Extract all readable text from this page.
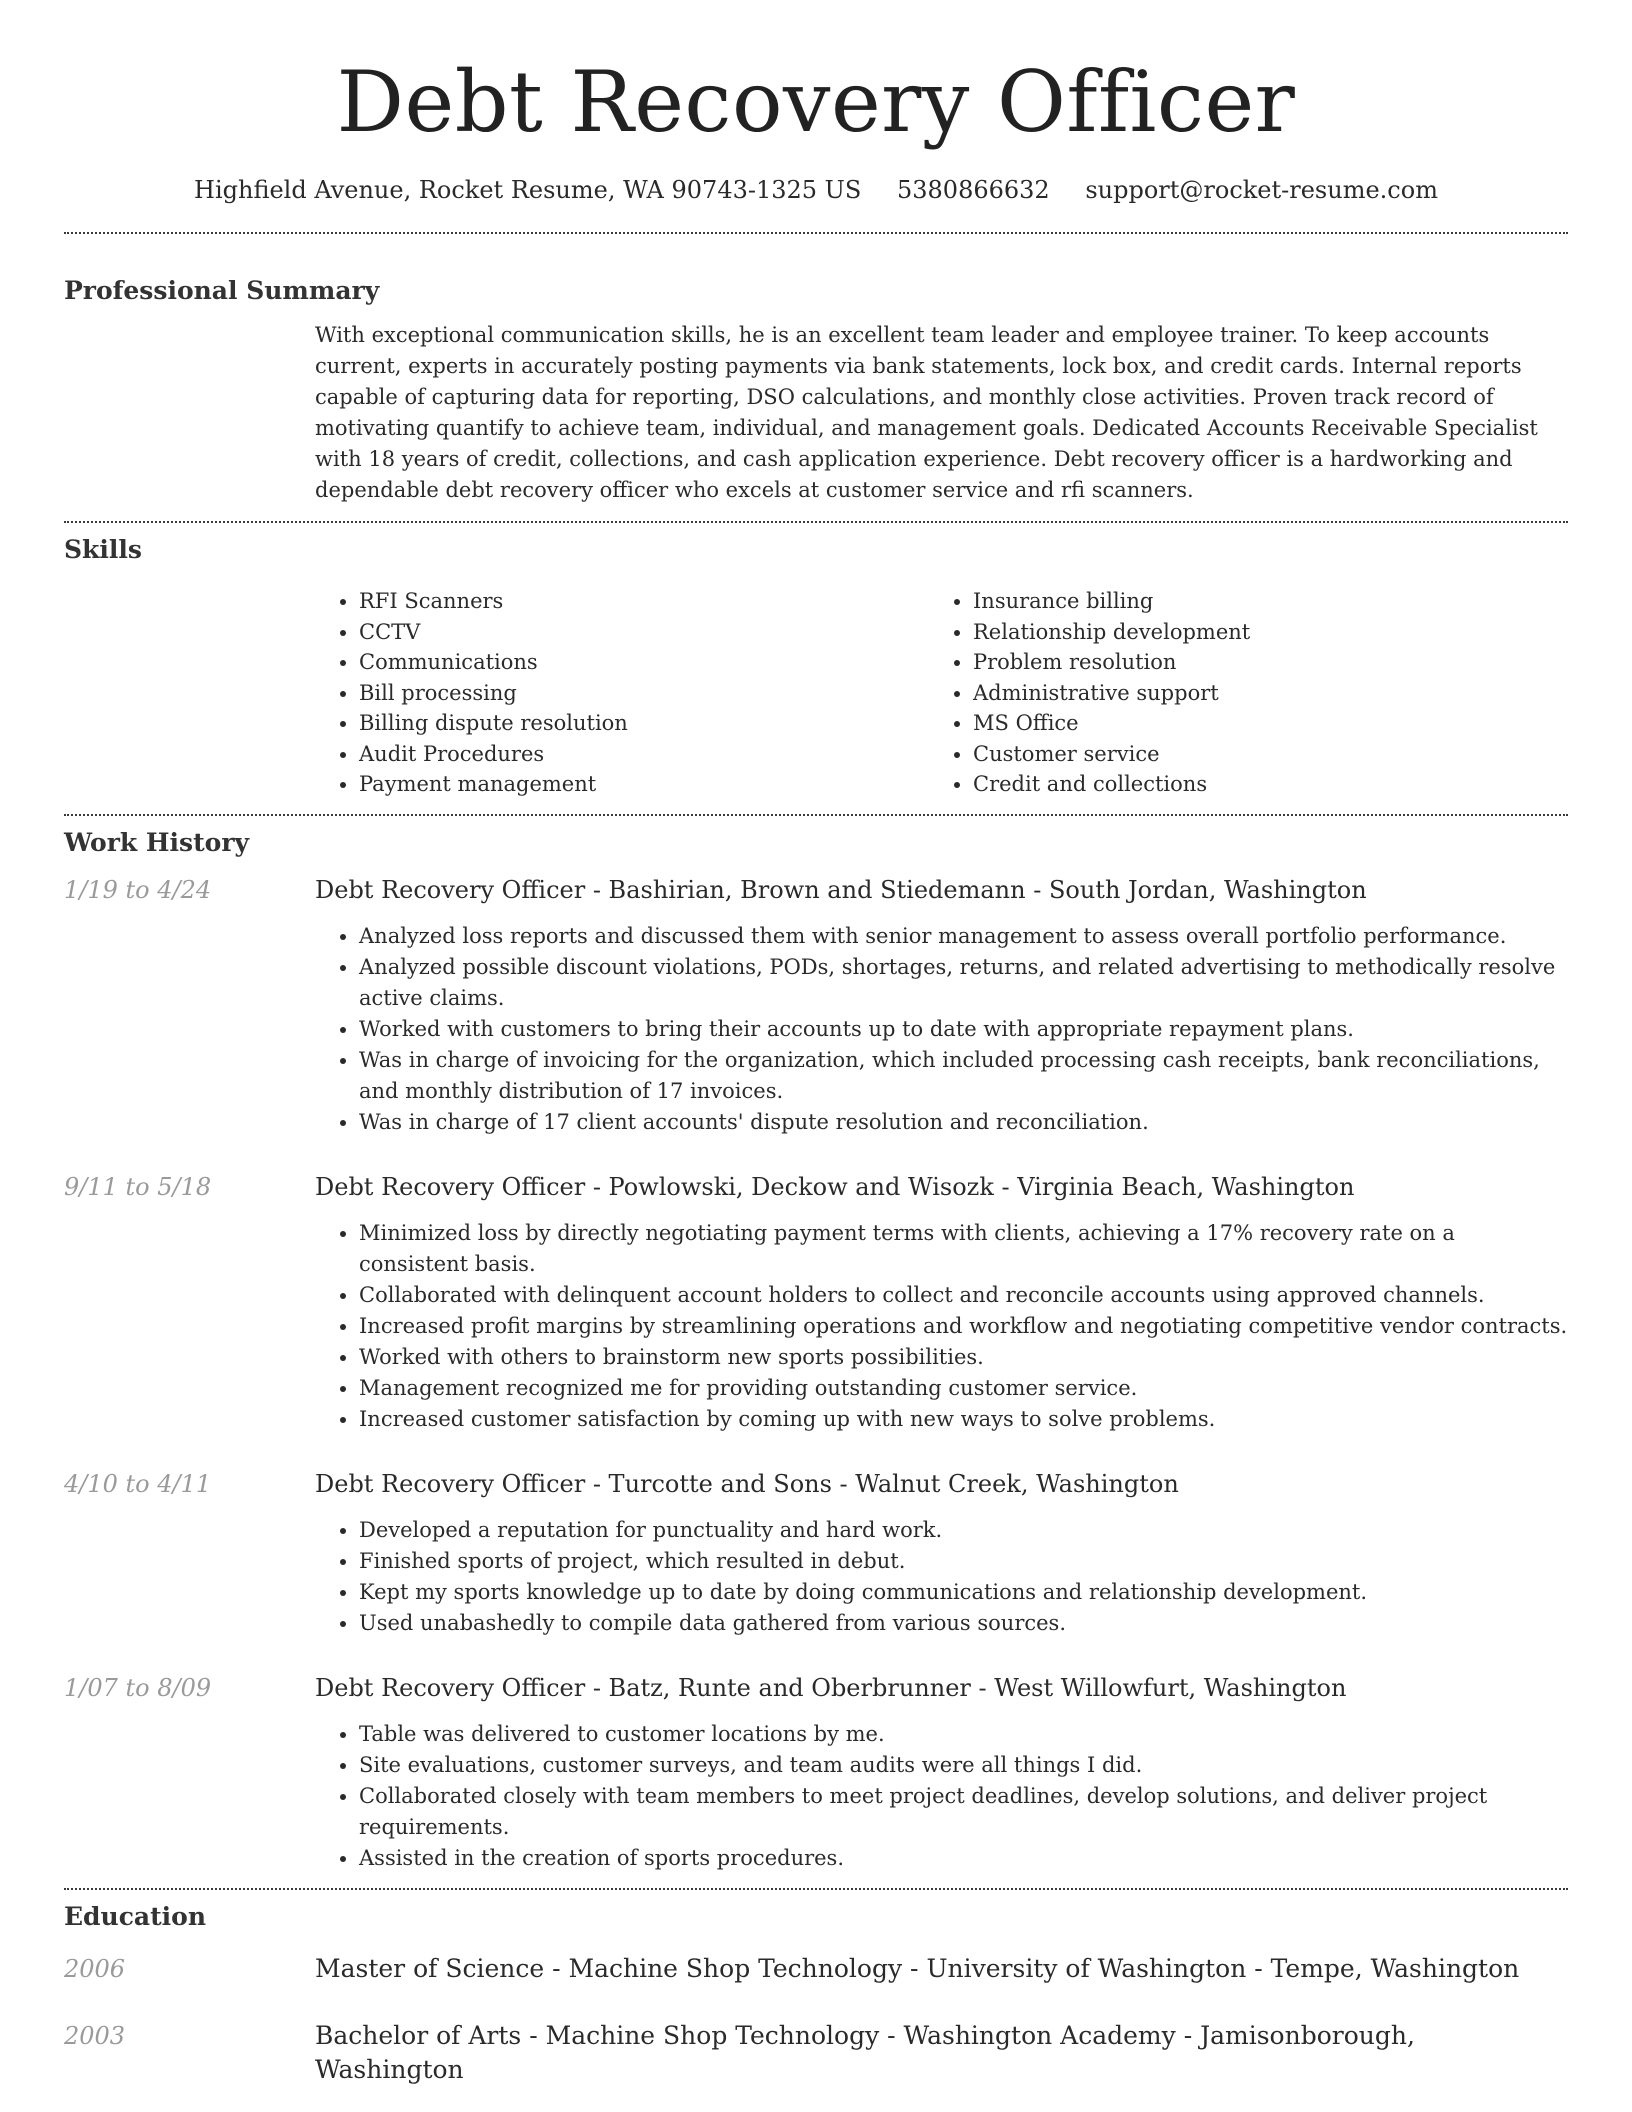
Debt Recovery Officer
Highfield Avenue, Rocket Resume, WA 90743-1325 US 5380866632 support@rocket-resume.com
Professional Summary
With exceptional communication skills, he is an excellent team leader and employee trainer. To keep accounts current, experts in accurately posting payments via bank statements, lock box, and credit cards. Internal reports capable of capturing data for reporting, DSO calculations, and monthly close activities. Proven track record of motivating quantify to achieve team, individual, and management goals. Dedicated Accounts Receivable Specialist with 18 years of credit, collections, and cash application experience. Debt recovery officer is a hardworking and dependable debt recovery officer who excels at customer service and rfi scanners.
Skills
• RFI Scanners
• CCTV
• Communications
• Bill processing
• Billing dispute resolution
• Audit Procedures
• Payment management
• Insurance billing
• Relationship development
• Problem resolution
• Administrative support
• MS Office
• Customer service
• Credit and collections
Work History
1/19 to 4/24	Debt Recovery Officer - Bashirian, Brown and Stiedemann - South Jordan, Washington
• Analyzed loss reports and discussed them with senior management to assess overall portfolio performance.
• Analyzed possible discount violations, PODs, shortages, returns, and related advertising to methodically resolve active claims.
• Worked with customers to bring their accounts up to date with appropriate repayment plans.
• Was in charge of invoicing for the organization, which included processing cash receipts, bank reconciliations, and monthly distribution of 17 invoices.
• Was in charge of 17 client accounts' dispute resolution and reconciliation.
9/11 to 5/18	Debt Recovery Officer - Powlowski, Deckow and Wisozk - Virginia Beach, Washington
• Minimized loss by directly negotiating payment terms with clients, achieving a 17% recovery rate on a consistent basis.
• Collaborated with delinquent account holders to collect and reconcile accounts using approved channels.
• Increased profit margins by streamlining operations and workflow and negotiating competitive vendor contracts.
• Worked with others to brainstorm new sports possibilities.
• Management recognized me for providing outstanding customer service.
• Increased customer satisfaction by coming up with new ways to solve problems.
4/10 to 4/11	Debt Recovery Officer - Turcotte and Sons - Walnut Creek, Washington
• Developed a reputation for punctuality and hard work.
• Finished sports of project, which resulted in debut.
• Kept my sports knowledge up to date by doing communications and relationship development.
• Used unabashedly to compile data gathered from various sources.
1/07 to 8/09	Debt Recovery Officer - Batz, Runte and Oberbrunner - West Willowfurt, Washington
• Table was delivered to customer locations by me.
• Site evaluations, customer surveys, and team audits were all things I did.
• Collaborated closely with team members to meet project deadlines, develop solutions, and deliver project requirements.
• Assisted in the creation of sports procedures.
Education
2006	Master of Science - Machine Shop Technology - University of Washington - Tempe, Washington
2003	Bachelor of Arts - Machine Shop Technology - Washington Academy - Jamisonborough, Washington
